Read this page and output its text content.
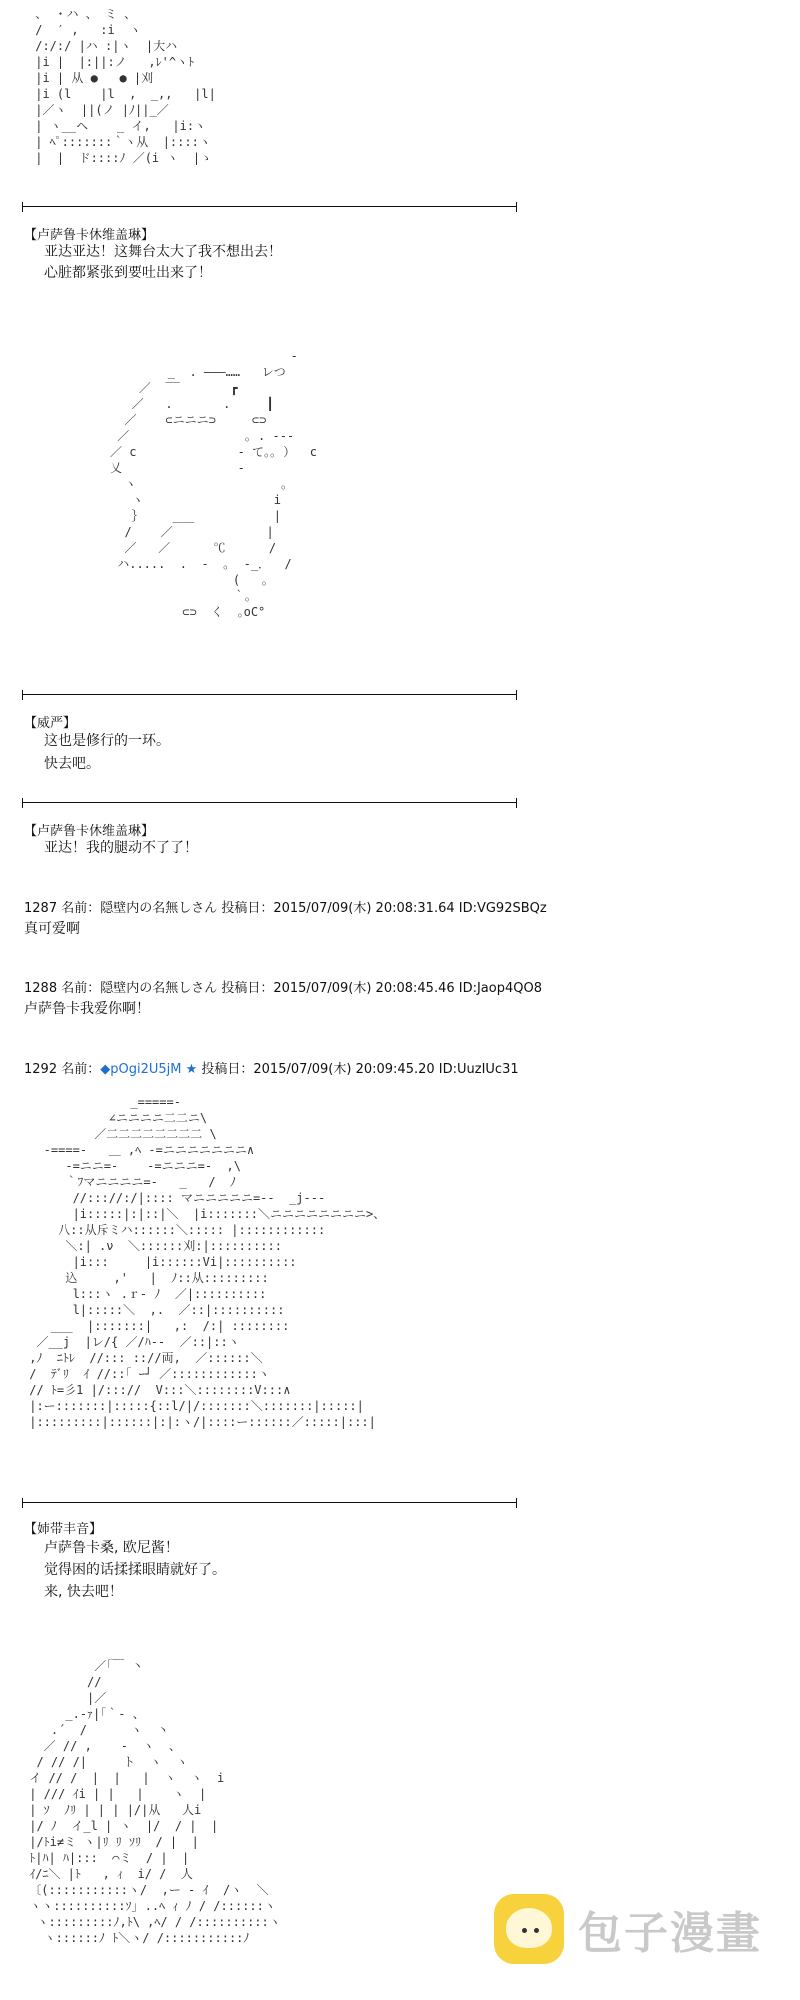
、 ・ハ 、 ミ 、
/  ′ ,   :i  ヽ
/:/:/ |ハ :|ヽ  |大ハ
|i |  |:||:ノ   ,ﾚ'^ヽﾄ
|i | 从 ●   ● |刈
|i (l    |l  ,  _,,   |l|
|／ヽ  ||(ノ |ﾉ||_／
| ヽ__ヘ    _ イ,   |i:ヽ
| ﾍﾟ:::::::｀ヽ从  |::::ヽ
|  |  ド::::ﾉ ／(i ヽ  |ゝ
【卢萨鲁卡休维盖琳】
亚达亚达！这舞台太大了我不想出去！
心脏都紧张到要吐出来了！
‐
_  . ―――……   レつ
／  ‾‾       ┏
／   .       .     ┃
／    ⊂ニニニ⊃     ⊂⊃
／                ｡ . ‐‐‐
／ c              ‐ て｡｡ ）  c
乂                ‐
ヽ                    ｡
ヽ                  i
｝    ___           |
/    ／             |
／   ／      ℃      /
ハ.....  .  ‐  ｡  ‐_．  /
(   ｡
｀｡
⊂⊃  く  ｡oC°
【威严】
这也是修行的一环。
快去吧。
【卢萨鲁卡休维盖琳】
亚达！我的腿动不了了！
1287 名前：隠壁内の名無しさん 投稿日：2015/07/09(木) 20:08:31.64 ID:VG92SBQz
真可爱啊
1288 名前：隠壁内の名無しさん 投稿日：2015/07/09(木) 20:08:45.46 ID:Jaop4QO8
卢萨鲁卡我爱你啊！
1292 名前：◆pOgi2U5jM ★ 投稿日：2015/07/09(木) 20:09:45.20 ID:UuzIUc31
_=====-
∠ニニニニ二二ニ\
／二二二二二二二二 \
-====-   ＿ ,ﾍ -=ニニニニニニニ∧
-=ニニ=-    -=ニニニ=-  ,\
｀ﾌマニニニニ=-   _   /  ﾉ
//::://:/|:::: マニニニニニ=--  _j--‐
|i:::::|:|::|＼  |i:::::::＼ニニニニニニニニ>、
八::从斥ミハ::::::＼::::: |::::::::::::
＼:| .ν  ＼::::::刈:|::::::::::
|i:::     |i::::::Vi|::::::::::
込     ,'   |  ﾉ::从:::::::::
l:::ヽ .ｒ‐ ﾉ  ／|::::::::::
l|:::::＼  ,.  ／::|::::::::::
___  |:::::::|   ,:  /:| ::::::::
／__j  |レ/{ ／/ﾊ--  ／::|::ヽ
,ﾉ  ﾆﾄﾚ  //::: :://両,  ／::::::＼
/  ﾃﾞﾘ  ｲ //::｢ ｰ┘ ／::::::::::::ヽ
// ﾄ=彡1 |/::://  V:::＼::::::::V:::∧
|:ー:::::::|:::::{::l/|/:::::::＼:::::::|:::::|
|:::::::::|::::::|:|:ヽ/|::::ー::::::／:::::|:::|
【姉带丰音】
卢萨鲁卡桑, 欧尼酱！
觉得困的话揉揉眼睛就好了。
来, 快去吧！
／｢￣ 丶
//
|／
_.-ｧ|｢｀‐ 、
.´  /      ヽ  丶
／ // ,    ‐  ヽ  、
/ // /|     ト  ヽ  ヽ
イ // /  |  |   |  ヽ  ヽ  i
| /// ｲi | |   |    ヽ  |
| ｿ  ﾉﾘ | | | |/|从   人i
|/ ﾉ  イ_l | ヽ  |/  / |  |
|/ﾄi≠ミ ヽ|ﾘ ﾘ ｿﾘ  / |  |
ﾄ|ﾊ| ﾊ|:::  ⌒ミ  / |  |
ｲ/ﾆ＼ |ﾄ   , ｨ  i/ /  人
〔(:::::::::::ヽ/  ,ー ‐ ｲ  /ヽ  ＼
ヽヽ::::::::::ｿ｣ ..ﾍ ｨ ﾉ / /::::::ヽ
ヽ:::::::::ﾉ,ﾄ\ ,ﾍ/ / /::::::::::ヽ
ヽ::::::ﾉ ﾄ＼ヽ/ /:::::::::::ﾉ	包子漫畫
